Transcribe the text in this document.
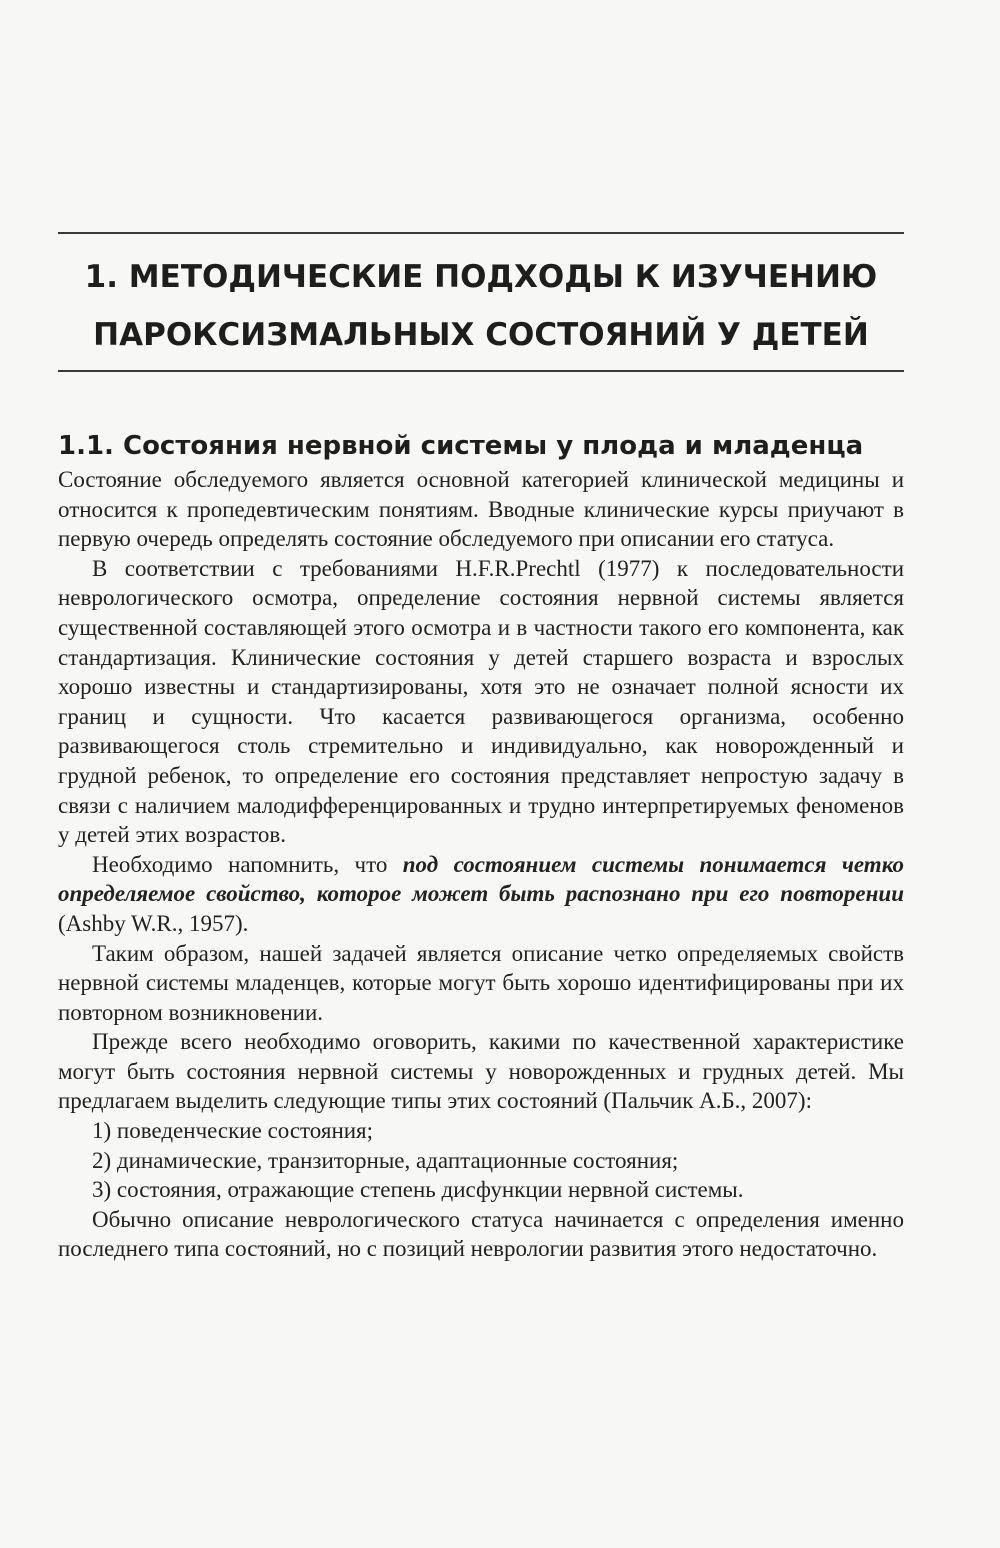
1. МЕТОДИЧЕСКИЕ ПОДХОДЫ К ИЗУЧЕНИЮ
ПАРОКСИЗМАЛЬНЫХ СОСТОЯНИЙ У ДЕТЕЙ
1.1. Состояния нервной системы у плода и младенца

Состояние обследуемого является основной категорией клинической медицины и относится к пропедевтическим понятиям. Вводные клинические курсы приучают в первую очередь определять состояние обследуемого при описании его статуса.

В соответствии с требованиями H.F.R.Prechtl (1977) к последовательности неврологического осмотра, определение состояния нервной системы является существенной составляющей этого осмотра и в частности такого его компонента, как стандартизация. Клинические состояния у детей старшего возраста и взрослых хорошо известны и стандартизированы, хотя это не означает полной ясности их границ и сущности. Что касается развивающегося организма, особенно развивающегося столь стремительно и индивидуально, как новорожденный и грудной ребенок, то определение его состояния представляет непростую задачу в связи с наличием малодифференцированных и трудно интерпретируемых феноменов у детей этих возрастов.

Необходимо напомнить, что под состоянием системы понимается четко определяемое свойство, которое может быть распознано при его повторении (Ashby W.R., 1957).

Таким образом, нашей задачей является описание четко определяемых свойств нервной системы младенцев, которые могут быть хорошо идентифицированы при их повторном возникновении.

Прежде всего необходимо оговорить, какими по качественной характеристике могут быть состояния нервной системы у новорожденных и грудных детей. Мы предлагаем выделить следующие типы этих состояний (Пальчик А.Б., 2007):

1) поведенческие состояния;

2) динамические, транзиторные, адаптационные состояния;

3) состояния, отражающие степень дисфункции нервной системы.

Обычно описание неврологического статуса начинается с определения именно последнего типа состояний, но с позиций неврологии развития этого недостаточно.
